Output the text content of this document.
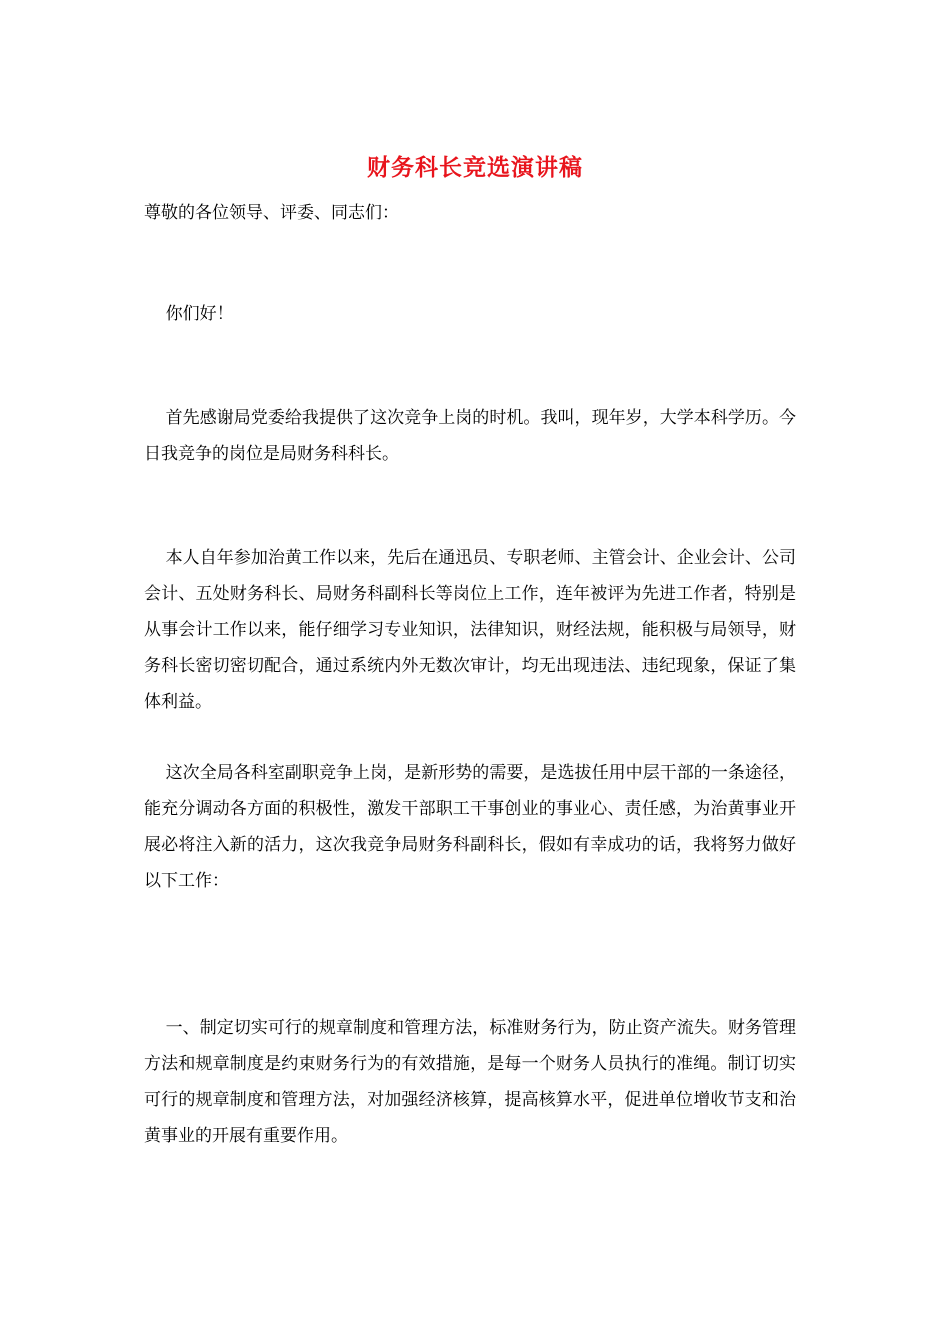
财务科长竞选演讲稿
尊敬的各位领导、评委、同志们：

你们好！

首先感谢局党委给我提供了这次竞争上岗的时机。我叫，现年岁，大学本科学历。今日我竞争的岗位是局财务科科长。

本人自年参加治黄工作以来，先后在通迅员、专职老师、主管会计、企业会计、公司会计、五处财务科长、局财务科副科长等岗位上工作，连年被评为先进工作者，特别是从事会计工作以来，能仔细学习专业知识，法律知识，财经法规，能积极与局领导，财务科长密切密切配合，通过系统内外无数次审计，均无出现违法、违纪现象，保证了集体利益。

这次全局各科室副职竞争上岗，是新形势的需要，是选拔任用中层干部的一条途径，能充分调动各方面的积极性，激发干部职工干事创业的事业心、责任感，为治黄事业开展必将注入新的活力，这次我竞争局财务科副科长，假如有幸成功的话，我将努力做好以下工作：

一、制定切实可行的规章制度和管理方法，标准财务行为，防止资产流失。财务管理方法和规章制度是约束财务行为的有效措施，是每一个财务人员执行的准绳。制订切实可行的规章制度和管理方法，对加强经济核算，提高核算水平，促进单位增收节支和治黄事业的开展有重要作用。
